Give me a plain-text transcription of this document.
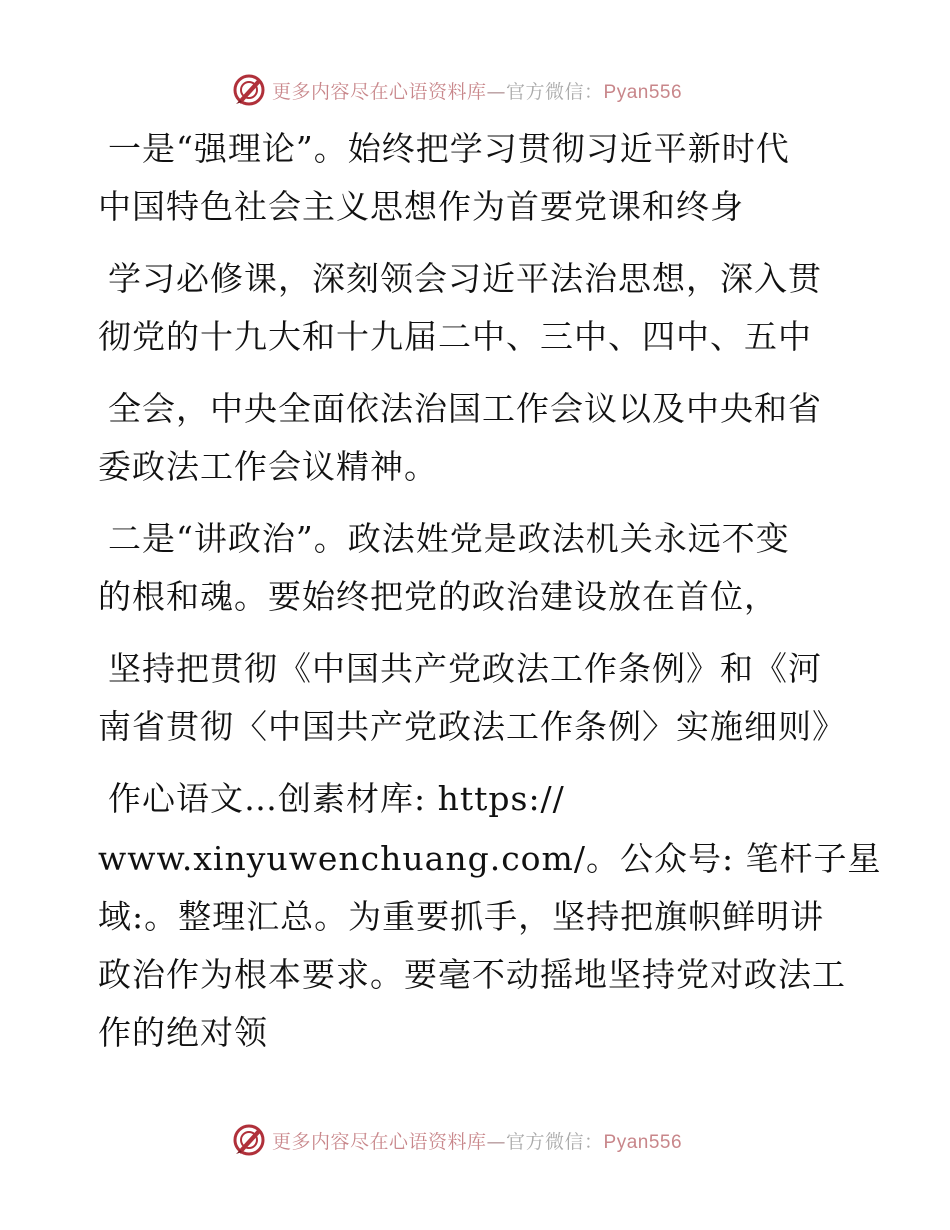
更多内容尽在心语资料库—官方微信：Pyan556
一是“强理论”。始终把学习贯彻习近平新时代
中国特色社会主义思想作为首要党课和终身
学习必修课，深刻领会习近平法治思想，深入贯
彻党的十九大和十九届二中、三中、四中、五中
全会，中央全面依法治国工作会议以及中央和省
委政法工作会议精神。
二是“讲政治”。政法姓党是政法机关永远不变
的根和魂。要始终把党的政治建设放在首位，
坚持把贯彻《中国共产党政法工作条例》和《河
南省贯彻〈中国共产党政法工作条例〉实施细则》
作心语文…创素材库: https://
www.xinyuwenchuang.com/。公众号: 笔杆子星
域:。整理汇总。为重要抓手，坚持把旗帜鲜明讲
政治作为根本要求。要毫不动摇地坚持党对政法工
作的绝对领
更多内容尽在心语资料库—官方微信：Pyan556
